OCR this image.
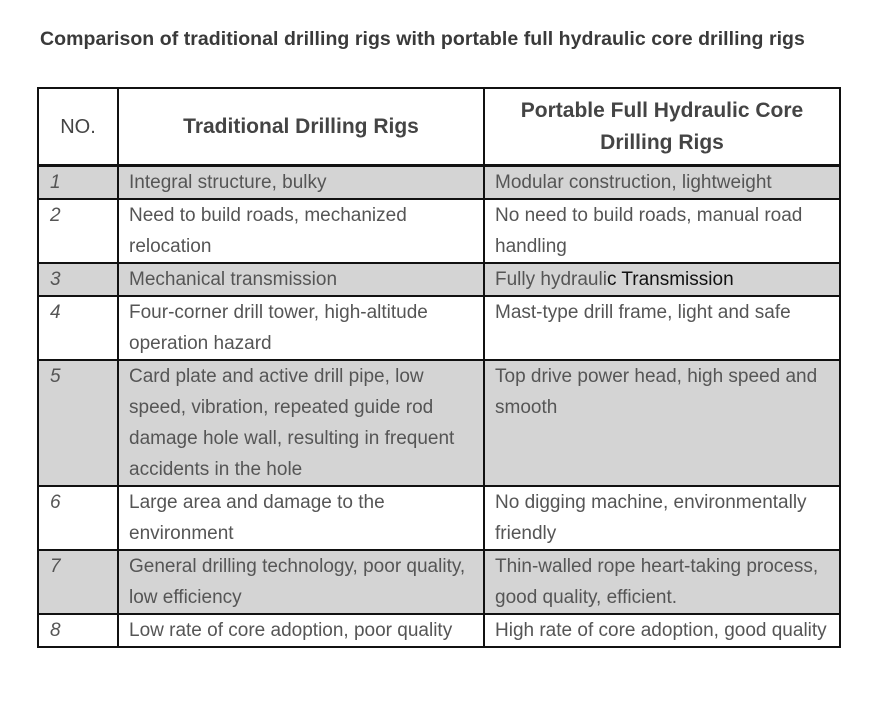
Comparison of traditional drilling rigs with portable full hydraulic core drilling rigs
NO.	Traditional Drilling Rigs	Portable Full Hydraulic Core Drilling Rigs
1	Integral structure, bulky	Modular construction, lightweight
2	Need to build roads, mechanized relocation	No need to build roads, manual road handling
3	Mechanical transmission	Fully hydraulic Transmission
4	Four-corner drill tower, high-altitude operation hazard	Mast-type drill frame, light and safe
5	Card plate and active drill pipe, low speed, vibration, repeated guide rod damage hole wall, resulting in frequent accidents in the hole	Top drive power head, high speed and smooth
6	Large area and damage to the environment	No digging machine, environmentally friendly
7	General drilling technology, poor quality, low efficiency	Thin-walled rope heart-taking process, good quality, efficient.
8	Low rate of core adoption, poor quality	High rate of core adoption, good quality
